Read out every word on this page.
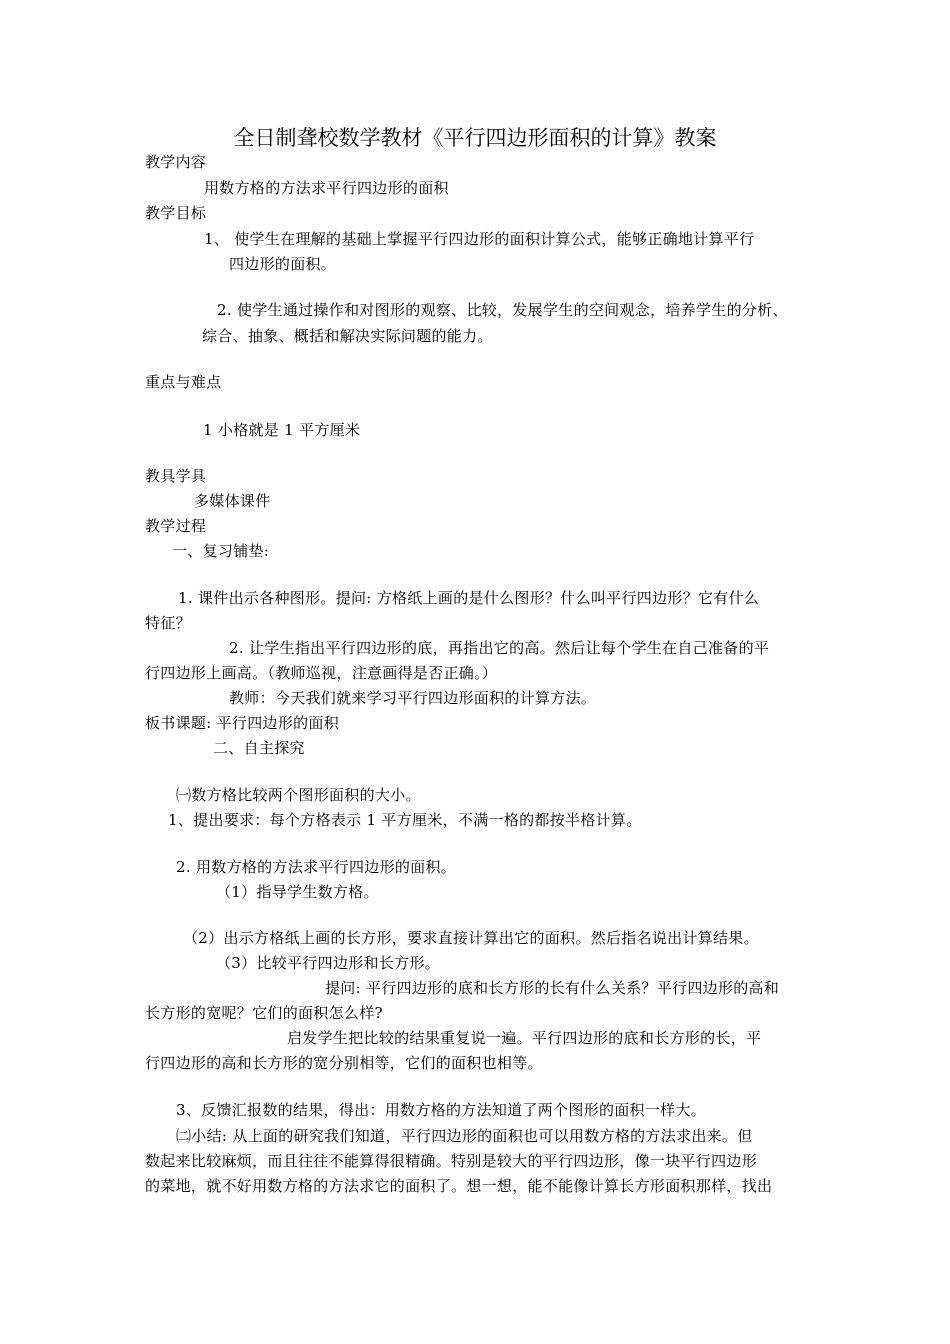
全日制聋校数学教材《平行四边形面积的计算》教案
教学内容
用数方格的方法求平行四边形的面积
教学目标
1、 使学生在理解的基础上掌握平行四边形的面积计算公式，能够正确地计算平行
四边形的面积。
2. 使学生通过操作和对图形的观察、比较，发展学生的空间观念，培养学生的分析、
综合、抽象、概括和解决实际问题的能力。
重点与难点
1 小格就是 1 平方厘米
教具学具
多媒体课件
教学过程
一、复习铺垫:
1. 课件出示各种图形。提问: 方格纸上画的是什么图形？什么叫平行四边形？它有什么
特征？
2. 让学生指出平行四边形的底，再指出它的高。然后让每个学生在自己准备的平
行四边形上画高。（教师巡视，注意画得是否正确。）
教师：今天我们就来学习平行四边形面积的计算方法。
板书课题: 平行四边形的面积
二、自主探究
㈠数方格比较两个图形面积的大小。
1、提出要求：每个方格表示 1 平方厘米，不满一格的都按半格计算。
2. 用数方格的方法求平行四边形的面积。
（1）指导学生数方格。
（2）出示方格纸上画的长方形，要求直接计算出它的面积。然后指名说出计算结果。
（3）比较平行四边形和长方形。
提问: 平行四边形的底和长方形的长有什么关系？平行四边形的高和
长方形的宽呢？它们的面积怎么样?
启发学生把比较的结果重复说一遍。平行四边形的底和长方形的长，平
行四边形的高和长方形的宽分别相等，它们的面积也相等。
3、反馈汇报数的结果，得出：用数方格的方法知道了两个图形的面积一样大。
㈡小结: 从上面的研究我们知道，平行四边形的面积也可以用数方格的方法求出来。但
数起来比较麻烦，而且往往不能算得很精确。特别是较大的平行四边形，像一块平行四边形
的菜地，就不好用数方格的方法求它的面积了。想一想，能不能像计算长方形面积那样，找出
